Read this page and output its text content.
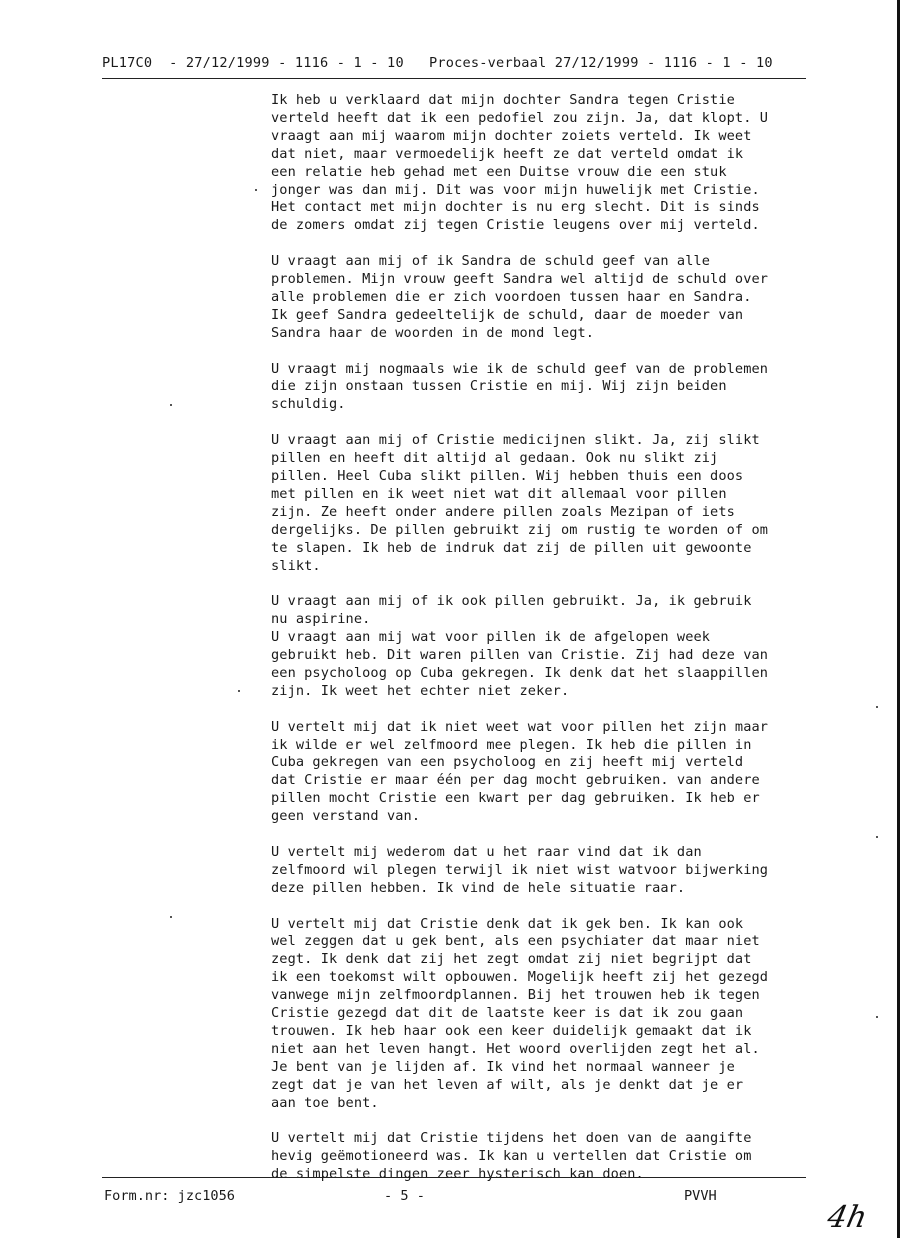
PL17C0  - 27/12/1999 - 1116 - 1 - 10   Proces-verbaal 27/12/1999 - 1116 - 1 - 10
Ik heb u verklaard dat mijn dochter Sandra tegen Cristie
verteld heeft dat ik een pedofiel zou zijn. Ja, dat klopt. U
vraagt aan mij waarom mijn dochter zoiets verteld. Ik weet
dat niet, maar vermoedelijk heeft ze dat verteld omdat ik
een relatie heb gehad met een Duitse vrouw die een stuk
jonger was dan mij. Dit was voor mijn huwelijk met Cristie.
Het contact met mijn dochter is nu erg slecht. Dit is sinds
de zomers omdat zij tegen Cristie leugens over mij verteld.
U vraagt aan mij of ik Sandra de schuld geef van alle
problemen. Mijn vrouw geeft Sandra wel altijd de schuld over
alle problemen die er zich voordoen tussen haar en Sandra.
Ik geef Sandra gedeeltelijk de schuld, daar de moeder van
Sandra haar de woorden in de mond legt.
U vraagt mij nogmaals wie ik de schuld geef van de problemen
die zijn onstaan tussen Cristie en mij. Wij zijn beiden
schuldig.
U vraagt aan mij of Cristie medicijnen slikt. Ja, zij slikt
pillen en heeft dit altijd al gedaan. Ook nu slikt zij
pillen. Heel Cuba slikt pillen. Wij hebben thuis een doos
met pillen en ik weet niet wat dit allemaal voor pillen
zijn. Ze heeft onder andere pillen zoals Mezipan of iets
dergelijks. De pillen gebruikt zij om rustig te worden of om
te slapen. Ik heb de indruk dat zij de pillen uit gewoonte
slikt.
U vraagt aan mij of ik ook pillen gebruikt. Ja, ik gebruik
nu aspirine.
U vraagt aan mij wat voor pillen ik de afgelopen week
gebruikt heb. Dit waren pillen van Cristie. Zij had deze van
een psycholoog op Cuba gekregen. Ik denk dat het slaappillen
zijn. Ik weet het echter niet zeker.
U vertelt mij dat ik niet weet wat voor pillen het zijn maar
ik wilde er wel zelfmoord mee plegen. Ik heb die pillen in
Cuba gekregen van een psycholoog en zij heeft mij verteld
dat Cristie er maar één per dag mocht gebruiken. van andere
pillen mocht Cristie een kwart per dag gebruiken. Ik heb er
geen verstand van.
U vertelt mij wederom dat u het raar vind dat ik dan
zelfmoord wil plegen terwijl ik niet wist watvoor bijwerking
deze pillen hebben. Ik vind de hele situatie raar.
U vertelt mij dat Cristie denk dat ik gek ben. Ik kan ook
wel zeggen dat u gek bent, als een psychiater dat maar niet
zegt. Ik denk dat zij het zegt omdat zij niet begrijpt dat
ik een toekomst wilt opbouwen. Mogelijk heeft zij het gezegd
vanwege mijn zelfmoordplannen. Bij het trouwen heb ik tegen
Cristie gezegd dat dit de laatste keer is dat ik zou gaan
trouwen. Ik heb haar ook een keer duidelijk gemaakt dat ik
niet aan het leven hangt. Het woord overlijden zegt het al.
Je bent van je lijden af. Ik vind het normaal wanneer je
zegt dat je van het leven af wilt, als je denkt dat je er
aan toe bent.
U vertelt mij dat Cristie tijdens het doen van de aangifte
hevig geëmotioneerd was. Ik kan u vertellen dat Cristie om
de simpelste dingen zeer hysterisch kan doen.
Form.nr: jzc1056	- 5 -	PVVH
4h
